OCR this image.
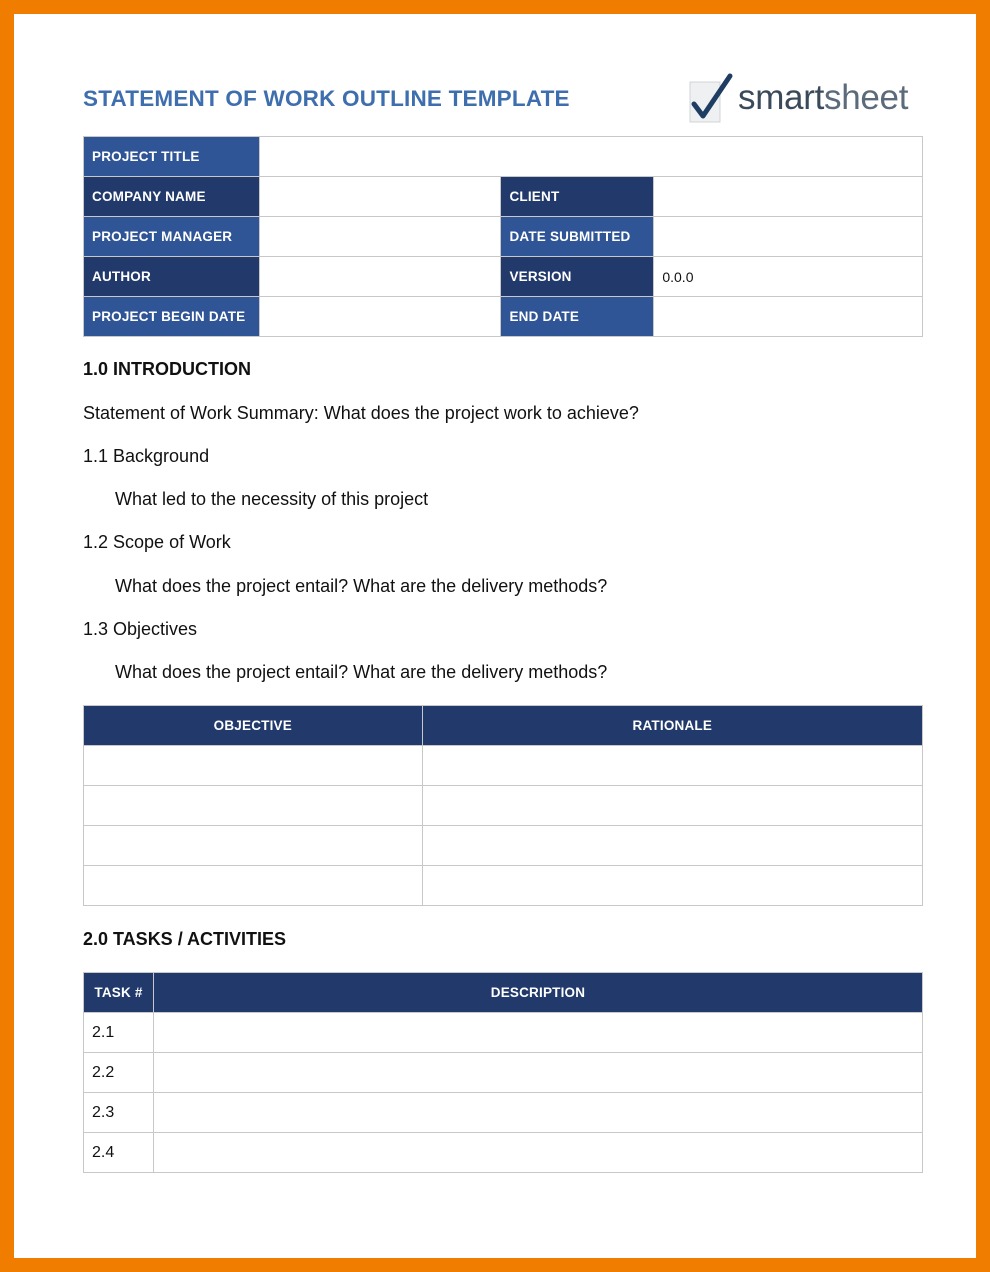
STATEMENT OF WORK OUTLINE TEMPLATE	smartsheet
PROJECT TITLE			
COMPANY NAME		CLIENT	
PROJECT MANAGER		DATE SUBMITTED	
AUTHOR		VERSION	0.0.0
PROJECT BEGIN DATE		END DATE	
1.0 INTRODUCTION

Statement of Work Summary: What does the project work to achieve?

1.1 Background

What led to the necessity of this project

1.2 Scope of Work

What does the project entail? What are the delivery methods?

1.3 Objectives

What does the project entail? What are the delivery methods?

OBJECTIVE	RATIONALE

2.0 TASKS / ACTIVITIES
TASK #	DESCRIPTION
2.1	
2.2	
2.3	
2.4	
